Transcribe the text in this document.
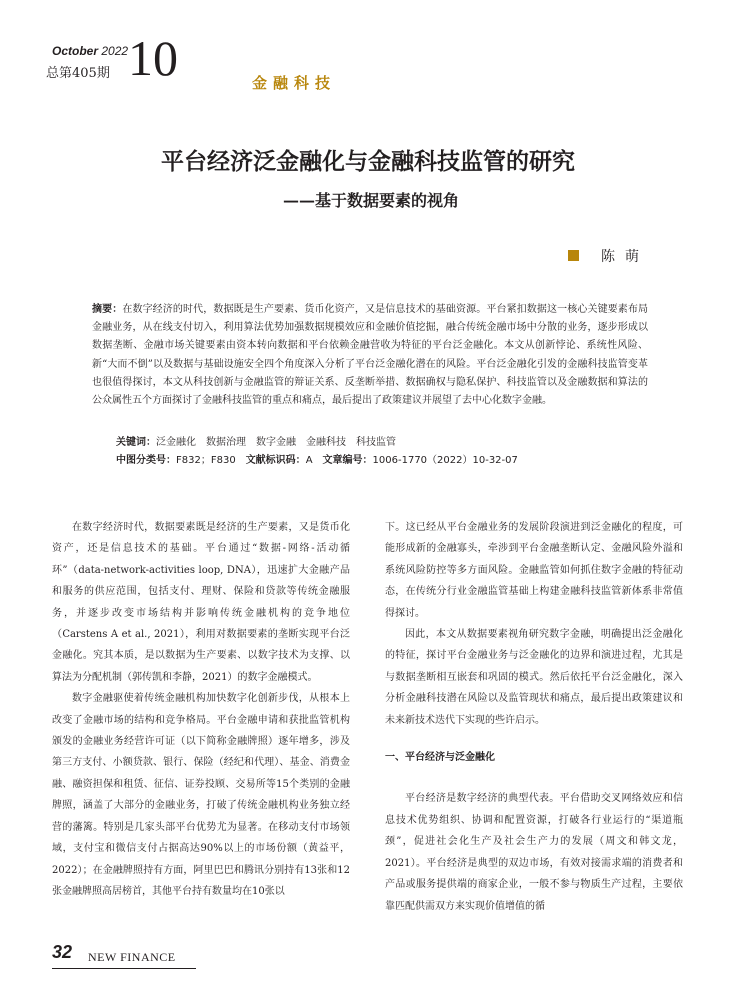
October 2022
总第405期 10	金融科技
平台经济泛金融化与金融科技监管的研究
——基于数据要素的视角
陈萌
摘要：在数字经济的时代，数据既是生产要素、货币化资产，又是信息技术的基础资源。平台紧扣数据这一核心关键要素布局金融业务，从在线支付切入，利用算法优势加强数据规模效应和金融价值挖掘，融合传统金融市场中分散的业务，逐步形成以数据垄断、金融市场关键要素由资本转向数据和平台依赖金融营收为特征的平台泛金融化。本文从创新悖论、系统性风险、新“大而不倒”以及数据与基础设施安全四个角度深入分析了平台泛金融化潜在的风险。平台泛金融化引发的金融科技监管变革也很值得探讨，本文从科技创新与金融监管的辩证关系、反垄断举措、数据确权与隐私保护、科技监管以及金融数据和算法的公众属性五个方面探讨了金融科技监管的重点和痛点，最后提出了政策建议并展望了去中心化数字金融。
关键词：泛金融化　数据治理　数字金融　金融科技　科技监管
中图分类号：F832；F830　 文献标识码：A　 文章编号：1006-1770（2022）10-32-07

在数字经济时代，数据要素既是经济的生产要素，又是货币化资产，还是信息技术的基础。平台通过“数据-网络-活动循环”（data-network-activities loop, DNA），迅速扩大金融产品和服务的供应范围，包括支付、理财、保险和贷款等传统金融服务，并逐步改变市场结构并影响传统金融机构的竞争地位（Carstens A et al., 2021），利用对数据要素的垄断实现平台泛金融化。究其本质，是以数据为生产要素、以数字技术为支撑、以算法为分配机制（郭传凯和李静，2021）的数字金融模式。

数字金融驱使着传统金融机构加快数字化创新步伐，从根本上改变了金融市场的结构和竞争格局。平台金融申请和获批监管机构颁发的金融业务经营许可证（以下简称金融牌照）逐年增多，涉及第三方支付、小额贷款、银行、保险（经纪和代理）、基金、消费金融、融资担保和租赁、征信、证券投顾、交易所等15个类别的金融牌照，涵盖了大部分的金融业务，打破了传统金融机构业务独立经营的藩篱。特别是几家头部平台优势尤为显著。在移动支付市场领域，支付宝和微信支付占据高达90%以上的市场份额（黄益平，2022）；在金融牌照持有方面，阿里巴巴和腾讯分别持有13张和12张金融牌照高居榜首，其他平台持有数量均在10张以

下。这已经从平台金融业务的发展阶段演进到泛金融化的程度，可能形成新的金融寡头，牵涉到平台金融垄断认定、金融风险外溢和系统风险防控等多方面风险。金融监管如何抓住数字金融的特征动态，在传统分行业金融监管基础上构建金融科技监管新体系非常值得探讨。

因此，本文从数据要素视角研究数字金融，明确提出泛金融化的特征，探讨平台金融业务与泛金融化的边界和演进过程，尤其是与数据垄断相互嵌套和巩固的模式。然后依托平台泛金融化，深入分析金融科技潜在风险以及监管现状和痛点，最后提出政策建议和未来新技术迭代下实现的些许启示。

一、平台经济与泛金融化

平台经济是数字经济的典型代表。平台借助交叉网络效应和信息技术优势组织、协调和配置资源，打破各行业运行的“渠道瓶颈”，促进社会化生产及社会生产力的发展（周文和韩文龙，2021）。平台经济是典型的双边市场，有效对接需求端的消费者和产品或服务提供端的商家企业，一般不参与物质生产过程，主要依靠匹配供需双方来实现价值增值的循

32 NEW FINANCE
